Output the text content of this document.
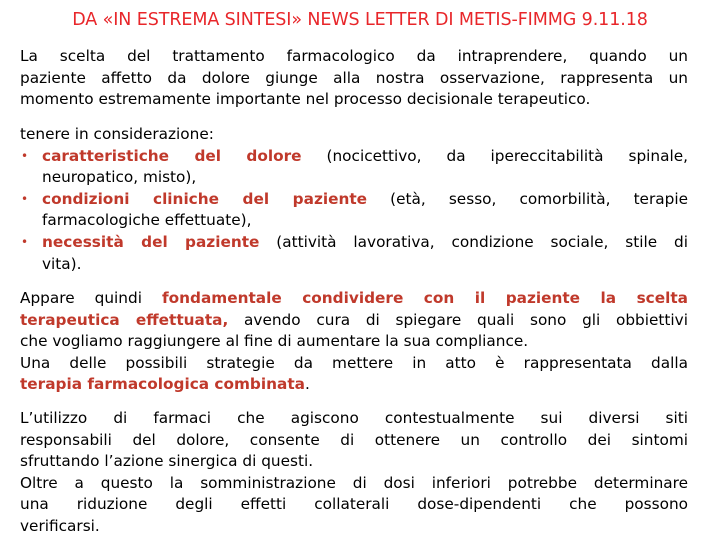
DA «IN ESTREMA SINTESI» NEWS LETTER DI METIS-FIMMG 9.11.18
La scelta del trattamento farmacologico da intraprendere, quando un
paziente affetto da dolore giunge alla nostra osservazione, rappresenta un
momento estremamente importante nel processo decisionale terapeutico.
tenere in considerazione:
• caratteristiche del dolore (nocicettivo, da ipereccitabilità spinale,
neuropatico, misto),
• condizioni cliniche del paziente (età, sesso, comorbilità, terapie
farmacologiche effettuate),
• necessità del paziente (attività lavorativa, condizione sociale, stile di
vita).
Appare quindi fondamentale condividere con il paziente la scelta
terapeutica effettuata, avendo cura di spiegare quali sono gli obbiettivi
che vogliamo raggiungere al fine di aumentare la sua compliance.
Una delle possibili strategie da mettere in atto è rappresentata dalla
terapia farmacologica combinata.
L’utilizzo di farmaci che agiscono contestualmente sui diversi siti
responsabili del dolore, consente di ottenere un controllo dei sintomi
sfruttando l’azione sinergica di questi.
Oltre a questo la somministrazione di dosi inferiori potrebbe determinare
una riduzione degli effetti collaterali dose-dipendenti che possono
verificarsi.
